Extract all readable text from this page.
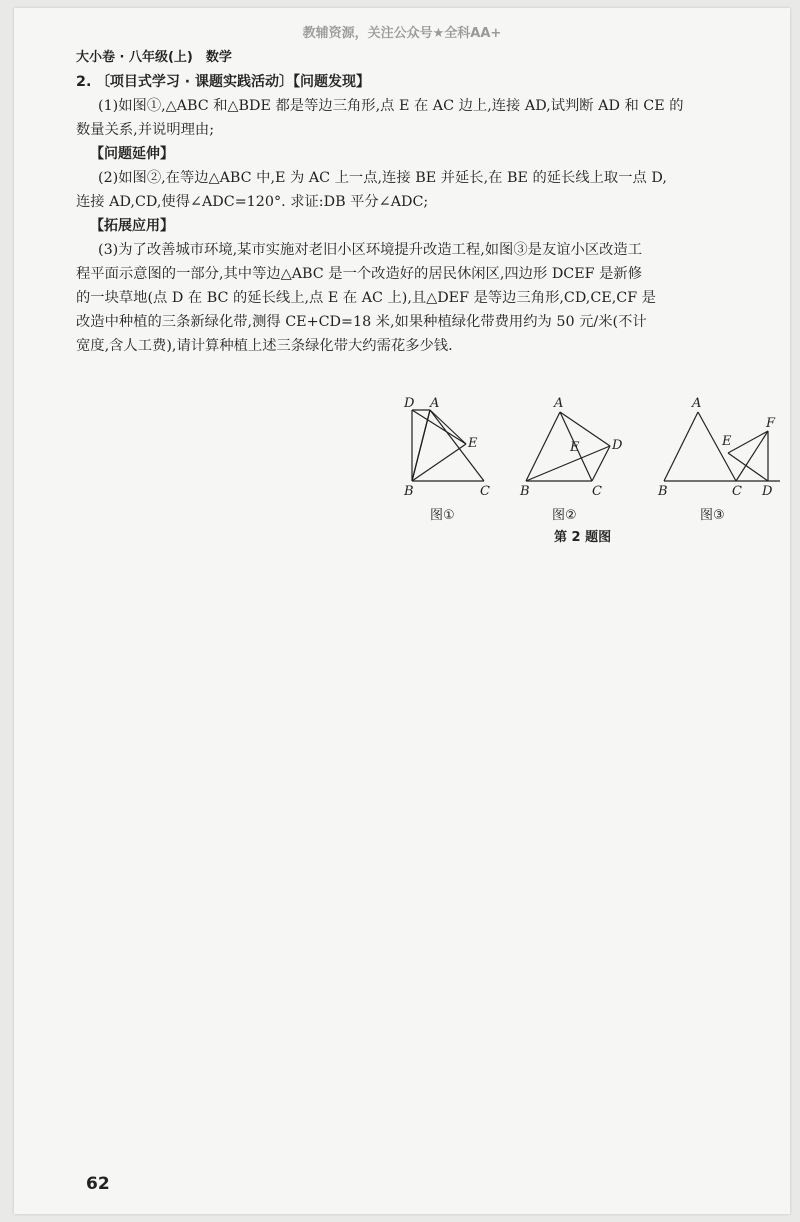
教辅资源，关注公众号★全科AA+
大小卷 · 八年级(上)　数学
2. 〔项目式学习 · 课题实践活动〕【问题发现】
(1)如图①,△ABC 和△BDE 都是等边三角形,点 E 在 AC 边上,连接 AD,试判断 AD 和 CE 的
数量关系,并说明理由;
【问题延伸】
(2)如图②,在等边△ABC 中,E 为 AC 上一点,连接 BE 并延长,在 BE 的延长线上取一点 D,
连接 AD,CD,使得∠ADC=120°. 求证:DB 平分∠ADC;
【拓展应用】
(3)为了改善城市环境,某市实施对老旧小区环境提升改造工程,如图③是友谊小区改造工
程平面示意图的一部分,其中等边△ABC 是一个改造好的居民休闲区,四边形 DCEF 是新修
的一块草地(点 D 在 BC 的延长线上,点 E 在 AC 上),且△DEF 是等边三角形,CD,CE,CF 是
改造中种植的三条新绿化带,测得 CE+CD=18 米,如果种植绿化带费用约为 50 元/米(不计
宽度,含人工费),请计算种植上述三条绿化带大约需花多少钱.
D A
E
B	C
图①
A
E	D
B	C
图②
A
F
E
B	C D
图③
第 2 题图
62
